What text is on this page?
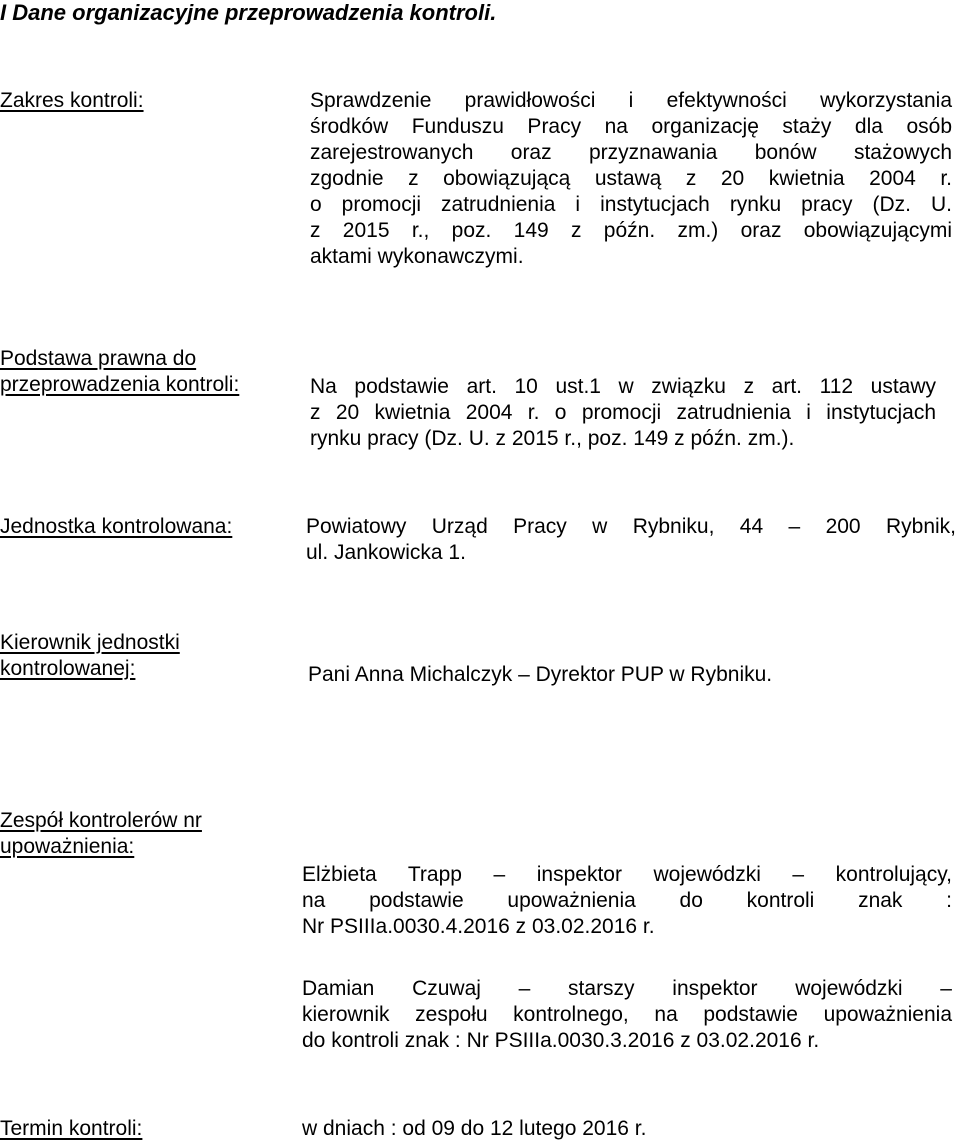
I Dane organizacyjne przeprowadzenia kontroli.
Zakres kontroli:	Sprawdzenie prawidłowości i efektywności wykorzystania
środków Funduszu Pracy na organizację staży dla osób
zarejestrowanych oraz przyznawania bonów stażowych
zgodnie z obowiązującą ustawą z 20 kwietnia 2004 r.
o promocji zatrudnienia i instytucjach rynku pracy (Dz. U.
z 2015 r., poz. 149 z późn. zm.) oraz obowiązującymi
aktami wykonawczymi.
Podstawa prawna do
przeprowadzenia kontroli:	Na podstawie art. 10 ust.1 w związku z art. 112 ustawy
z 20 kwietnia 2004 r. o promocji zatrudnienia i instytucjach
rynku pracy (Dz. U. z 2015 r., poz. 149 z późn. zm.).
Jednostka kontrolowana:	Powiatowy Urząd Pracy w Rybniku, 44 – 200 Rybnik,
ul. Jankowicka 1.
Kierownik jednostki
kontrolowanej:	Pani Anna Michalczyk – Dyrektor PUP w Rybniku.
Zespół kontrolerów nr
upoważnienia:
Elżbieta Trapp – inspektor wojewódzki – kontrolujący,
na podstawie upoważnienia do kontroli znak :
Nr PSIIIa.0030.4.2016 z 03.02.2016 r.
Damian Czuwaj – starszy inspektor wojewódzki –
kierownik zespołu kontrolnego, na podstawie upoważnienia
do kontroli znak : Nr PSIIIa.0030.3.2016 z 03.02.2016 r.
Termin kontroli:	w dniach : od 09 do 12 lutego 2016 r.
